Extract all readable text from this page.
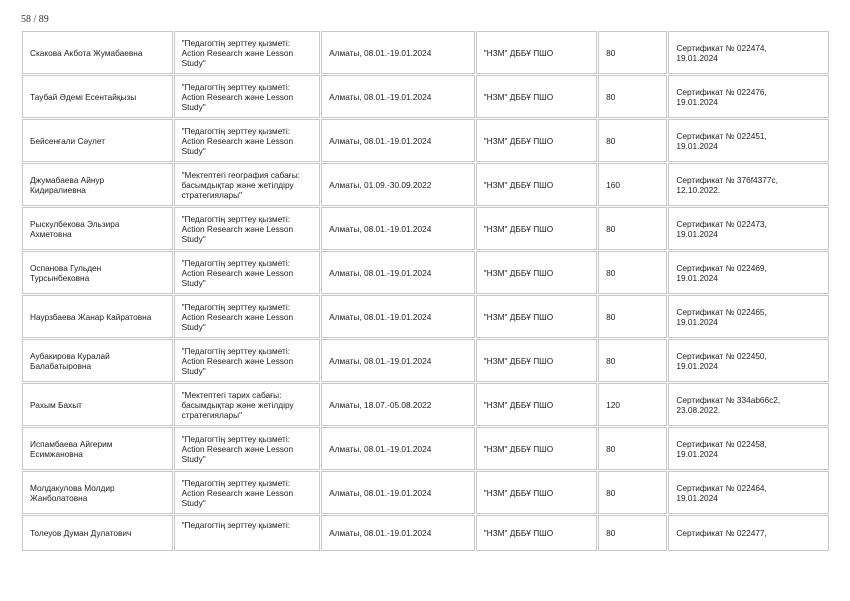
58 / 89
Скакова Акбота Жумабаевна	"Педагогтің зерттеу қызметі:
Action Research және Lesson
Study"	Алматы, 08.01.-19.01.2024	"НЗМ" ДББҰ ПШО	80	Сертификат № 022474,
19.01.2024

Таубай Әдемі Есентайқызы	"Педагогтің зерттеу қызметі:
Action Research және Lesson
Study"	Алматы, 08.01.-19.01.2024	"НЗМ" ДББҰ ПШО	80	Сертификат № 022476,
19.01.2024

Бейсенғали Сәулет	"Педагогтің зерттеу қызметі:
Action Research және Lesson
Study"	Алматы, 08.01.-19.01.2024	"НЗМ" ДББҰ ПШО	80	Сертификат № 022451,
19.01.2024

Джумабаева Айнур
Кидиралиевна	"Мектептегі география сабағы:
басымдықтар және жетілдіру
стратегиялары"	Алматы, 01.09.-30.09.2022	"НЗМ" ДББҰ ПШО	160	Сертификат № 376f4377c,
12.10.2022.

Рыскулбекова Эльзира
Ахметовна	"Педагогтің зерттеу қызметі:
Action Research және Lesson
Study"	Алматы, 08.01.-19.01.2024	"НЗМ" ДББҰ ПШО	80	Сертификат № 022473,
19.01.2024

Оспанова Гульден
Турсынбековна	"Педагогтің зерттеу қызметі:
Action Research және Lesson
Study"	Алматы, 08.01.-19.01.2024	"НЗМ" ДББҰ ПШО	80	Сертификат № 022469,
19.01.2024

Наурзбаева Жанар Кайратовна	"Педагогтің зерттеу қызметі:
Action Research және Lesson
Study"	Алматы, 08.01.-19.01.2024	"НЗМ" ДББҰ ПШО	80	Сертификат № 022465,
19.01.2024

Аубакирова Куралай
Балабатыровна	"Педагогтің зерттеу қызметі:
Action Research және Lesson
Study"	Алматы, 08.01.-19.01.2024	"НЗМ" ДББҰ ПШО	80	Сертификат № 022450,
19.01.2024

Рахым Бахыт	"Мектептегі тарих сабағы:
басымдықтар және жетілдіру
стратегиялары"	Алматы, 18.07.-05.08.2022	"НЗМ" ДББҰ ПШО	120	Сертификат № 334ab66c2,
23.08.2022.

Испамбаева Айгерим
Есимжановна	"Педагогтің зерттеу қызметі:
Action Research және Lesson
Study"	Алматы, 08.01.-19.01.2024	"НЗМ" ДББҰ ПШО	80	Сертификат № 022458,
19.01.2024

Молдакулова Молдир
Жанболатовна	"Педагогтің зерттеу қызметі:
Action Research және Lesson
Study"	Алматы, 08.01.-19.01.2024	"НЗМ" ДББҰ ПШО	80	Сертификат № 022464,
19.01.2024

Толеуов Думан Дулатович	"Педагогтің зерттеу қызметі:	Алматы, 08.01.-19.01.2024	"НЗМ" ДББҰ ПШО	80	Сертификат № 022477,
